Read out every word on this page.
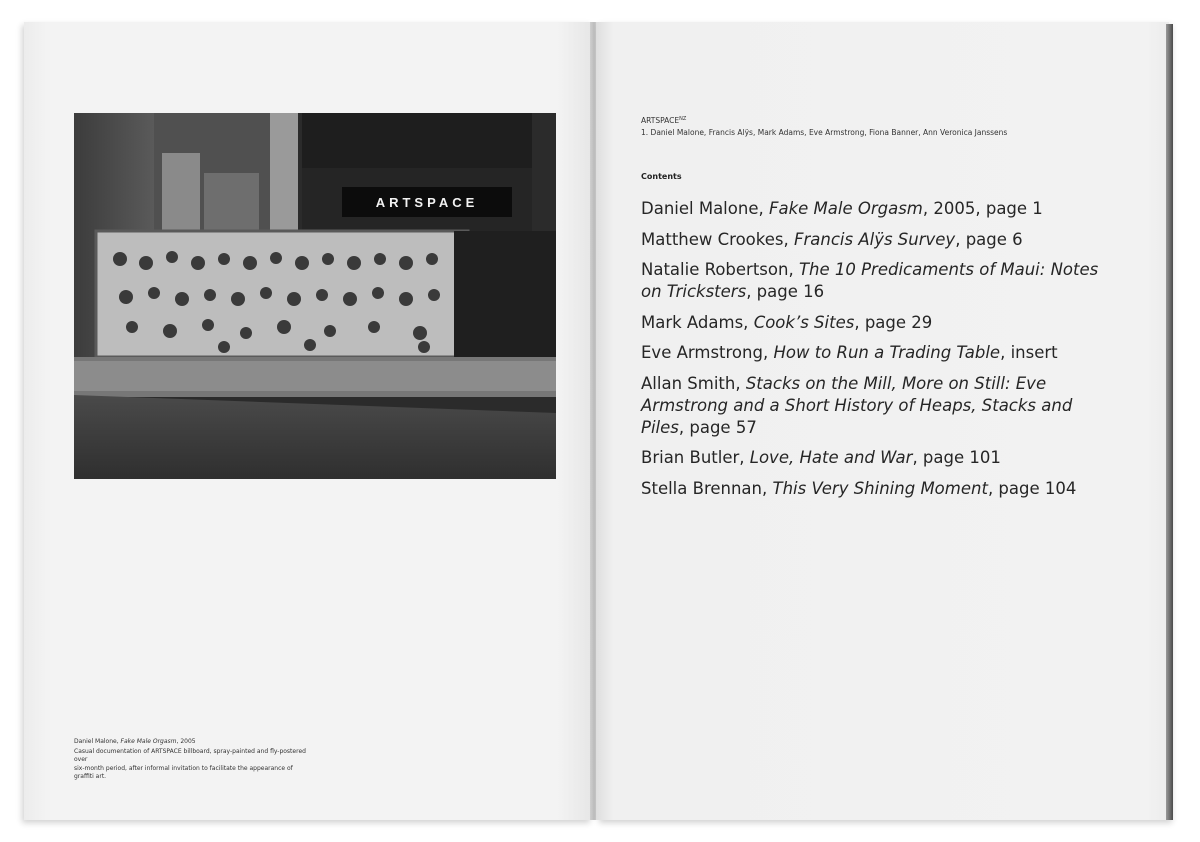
ARTSPACE
Daniel Malone, Fake Male Orgasm, 2005
Casual documentation of ARTSPACE billboard, spray-painted and fly-postered over
six-month period, after informal invitation to facilitate the appearance of graffiti art.
$ARTSPACE^{NZ}$
1. Daniel Malone, Francis Alÿs, Mark Adams, Eve Armstrong, Fiona Banner, Ann Veronica Janssens
Contents
Daniel Malone, Fake Male Orgasm, 2005, page 1
Matthew Crookes, Francis Alÿs Survey, page 6
Natalie Robertson, The 10 Predicaments of Maui: Notes on Tricksters, page 16
Mark Adams, Cook’s Sites, page 29
Eve Armstrong, How to Run a Trading Table, insert
Allan Smith, Stacks on the Mill, More on Still: Eve Armstrong and a Short History of Heaps, Stacks and Piles, page 57
Brian Butler, Love, Hate and War, page 101
Stella Brennan, This Very Shining Moment, page 104
